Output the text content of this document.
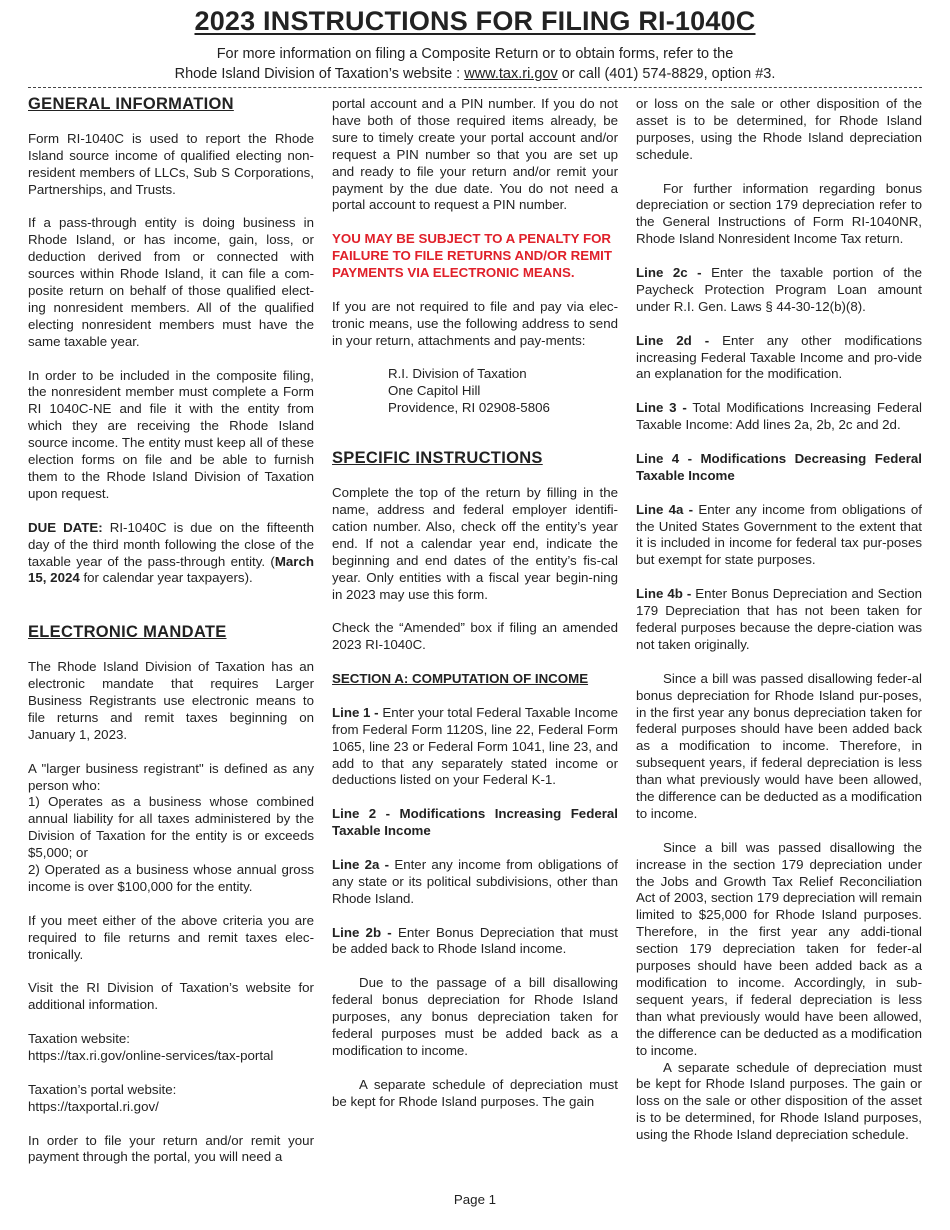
2023 INSTRUCTIONS FOR FILING RI-1040C
For more information on filing a Composite Return or to obtain forms, refer to the
Rhode Island Division of Taxation’s website : www.tax.ri.gov or call (401) 574-8829, option #3.

GENERAL INFORMATION

Form RI-1040C is used to report the Rhode Island source income of qualified electing non-resident members of LLCs, Sub S Corporations, Partnerships, and Trusts.

If a pass-through entity is doing business in Rhode Island, or has income, gain, loss, or deduction derived from or connected with sources within Rhode Island, it can file a com-posite return on behalf of those qualified elect-ing nonresident members. All of the qualified electing nonresident members must have the same taxable year.

In order to be included in the composite filing, the nonresident member must complete a Form RI 1040C-NE and file it with the entity from which they are receiving the Rhode Island source income. The entity must keep all of these election forms on file and be able to furnish them to the Rhode Island Division of Taxation upon request.

DUE DATE: RI-1040C is due on the fifteenth day of the third month following the close of the taxable year of the pass-through entity. (March 15, 2024 for calendar year taxpayers).

ELECTRONIC MANDATE

The Rhode Island Division of Taxation has an electronic mandate that requires Larger Business Registrants use electronic means to file returns and remit taxes beginning on January 1, 2023.

A "larger business registrant" is defined as any person who:
1) Operates as a business whose combined annual liability for all taxes administered by the Division of Taxation for the entity is or exceeds $5,000; or
2) Operated as a business whose annual gross income is over $100,000 for the entity.

If you meet either of the above criteria you are required to file returns and remit taxes elec-tronically.

Visit the RI Division of Taxation’s website for additional information.

Taxation website:
https://tax.ri.gov/online-services/tax-portal

Taxation’s portal website:
https://taxportal.ri.gov/

In order to file your return and/or remit your payment through the portal, you will need a

portal account and a PIN number. If you do not have both of those required items already, be sure to timely create your portal account and/or request a PIN number so that you are set up and ready to file your return and/or remit your payment by the due date. You do not need a portal account to request a PIN number.

YOU MAY BE SUBJECT TO A PENALTY FOR FAILURE TO FILE RETURNS AND/OR REMIT PAYMENTS VIA ELECTRONIC MEANS.

If you are not required to file and pay via elec-tronic means, use the following address to send in your return, attachments and pay-ments:

R.I. Division of Taxation
One Capitol Hill
Providence, RI 02908-5806

SPECIFIC INSTRUCTIONS

Complete the top of the return by filling in the name, address and federal employer identifi-cation number. Also, check off the entity’s year end. If not a calendar year end, indicate the beginning and end dates of the entity’s fis-cal year. Only entities with a fiscal year begin-ning in 2023 may use this form.

Check the “Amended” box if filing an amended 2023 RI-1040C.

SECTION A: COMPUTATION OF INCOME

Line 1 - Enter your total Federal Taxable Income from Federal Form 1120S, line 22, Federal Form 1065, line 23 or Federal Form 1041, line 23, and add to that any separately stated income or deductions listed on your Federal K-1.

Line 2 - Modifications Increasing Federal Taxable Income

Line 2a - Enter any income from obligations of any state or its political subdivisions, other than Rhode Island.

Line 2b - Enter Bonus Depreciation that must be added back to Rhode Island income.

Due to the passage of a bill disallowing federal bonus depreciation for Rhode Island purposes, any bonus depreciation taken for federal purposes must be added back as a modification to income.

A separate schedule of depreciation must be kept for Rhode Island purposes. The gain

or loss on the sale or other disposition of the asset is to be determined, for Rhode Island purposes, using the Rhode Island depreciation schedule.

For further information regarding bonus depreciation or section 179 depreciation refer to the General Instructions of Form RI-1040NR, Rhode Island Nonresident Income Tax return.

Line 2c - Enter the taxable portion of the Paycheck Protection Program Loan amount under R.I. Gen. Laws § 44-30-12(b)(8).

Line 2d - Enter any other modifications increasing Federal Taxable Income and pro-vide an explanation for the modification.

Line 3 - Total Modifications Increasing Federal Taxable Income: Add lines 2a, 2b, 2c and 2d.

Line 4 - Modifications Decreasing Federal Taxable Income

Line 4a - Enter any income from obligations of the United States Government to the extent that it is included in income for federal tax pur-poses but exempt for state purposes.

Line 4b - Enter Bonus Depreciation and Section 179 Depreciation that has not been taken for federal purposes because the depre-ciation was not taken originally.

Since a bill was passed disallowing feder-al bonus depreciation for Rhode Island pur-poses, in the first year any bonus depreciation taken for federal purposes should have been added back as a modification to income. Therefore, in subsequent years, if federal depreciation is less than what previously would have been allowed, the difference can be deducted as a modification to income.

Since a bill was passed disallowing the increase in the section 179 depreciation under the Jobs and Growth Tax Relief Reconciliation Act of 2003, section 179 depreciation will remain limited to $25,000 for Rhode Island purposes. Therefore, in the first year any addi-tional section 179 depreciation taken for feder-al purposes should have been added back as a modification to income. Accordingly, in sub-sequent years, if federal depreciation is less than what previously would have been allowed, the difference can be deducted as a modification to income.

A separate schedule of depreciation must be kept for Rhode Island purposes. The gain or loss on the sale or other disposition of the asset is to be determined, for Rhode Island purposes, using the Rhode Island depreciation schedule.

Page 1
